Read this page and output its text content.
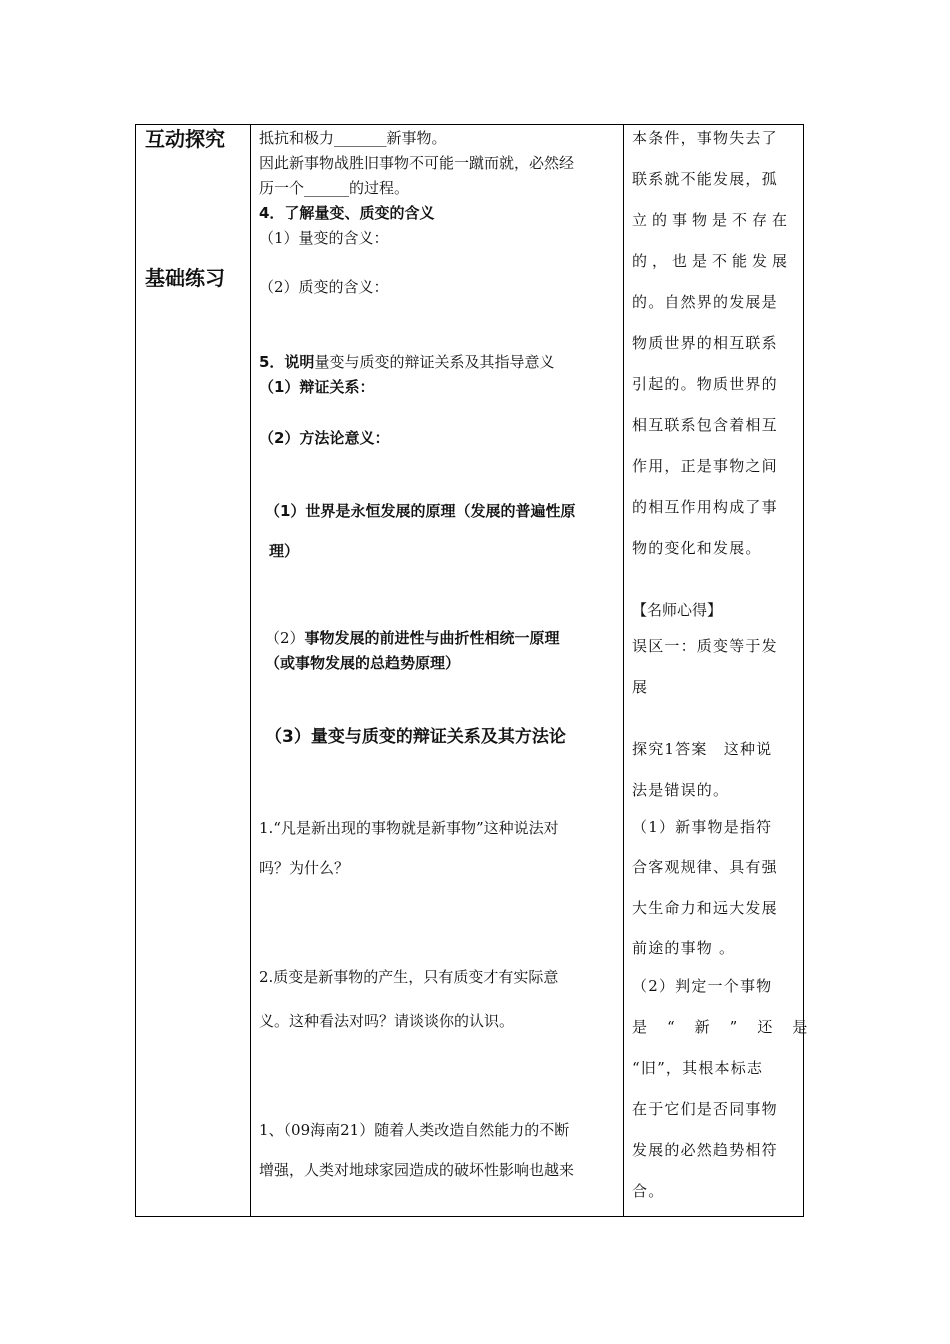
互动探究
基础练习
抵抗和极力_______新事物。
因此新事物战胜旧事物不可能一蹴而就，必然经
历一个______的过程。
4．了解量变、质变的含义
（1）量变的含义：
（2）质变的含义：
5．说明量变与质变的辩证关系及其指导意义
（1）辩证关系：
（2）方法论意义：
（1）世界是永恒发展的原理（发展的普遍性原
理）
（2）事物发展的前进性与曲折性相统一原理
（或事物发展的总趋势原理）
（3）量变与质变的辩证关系及其方法论
1.“凡是新出现的事物就是新事物”这种说法对
吗？为什么？
2.质变是新事物的产生，只有质变才有实际意
义。这种看法对吗？请谈谈你的认识。
1、（09海南21）随着人类改造自然能力的不断
增强，人类对地球家园造成的破坏性影响也越来
本条件，事物失去了
联系就不能发展，孤
立的事物是不存在
的，也是不能发展
的。自然界的发展是
物质世界的相互联系
引起的。物质世界的
相互联系包含着相互
作用，正是事物之间
的相互作用构成了事
物的变化和发展。
【名师心得】
误区一：质变等于发
展
探究1答案　这种说
法是错误的。
（1）新事物是指符
合客观规律、具有强
大生命力和远大发展
前途的事物 。
（2）判定一个事物
是“新”还是
“旧”，其根本标志
在于它们是否同事物
发展的必然趋势相符
合。
